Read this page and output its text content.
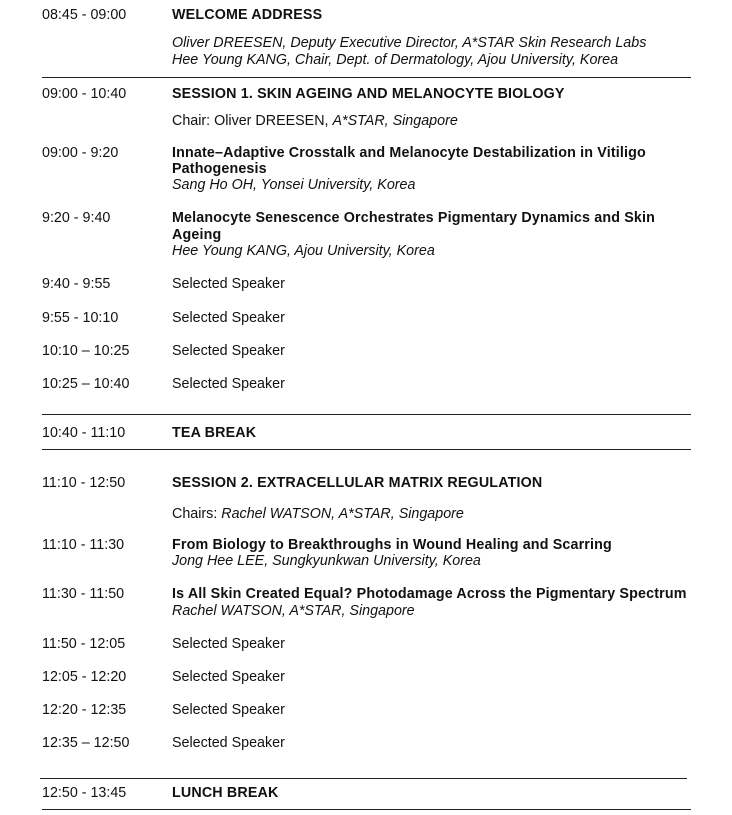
08:45 - 09:00	WELCOME ADDRESS
Oliver DREESEN, Deputy Executive Director, A*STAR Skin Research Labs
Hee Young KANG, Chair, Dept. of Dermatology, Ajou University, Korea
09:00 - 10:40	SESSION 1. SKIN AGEING AND MELANOCYTE BIOLOGY
Chair: Oliver DREESEN, A*STAR, Singapore
09:00 - 9:20	Innate–Adaptive Crosstalk and Melanocyte Destabilization in Vitiligo
Pathogenesis
Sang Ho OH, Yonsei University, Korea
9:20 - 9:40	Melanocyte Senescence Orchestrates Pigmentary Dynamics and Skin
Ageing
Hee Young KANG, Ajou University, Korea
9:40 - 9:55	Selected Speaker
9:55 - 10:10	Selected Speaker
10:10 – 10:25	Selected Speaker
10:25 – 10:40	Selected Speaker
10:40 - 11:10	TEA BREAK
11:10 - 12:50	SESSION 2. EXTRACELLULAR MATRIX REGULATION
Chairs: Rachel WATSON, A*STAR, Singapore
11:10 - 11:30	From Biology to Breakthroughs in Wound Healing and Scarring
Jong Hee LEE, Sungkyunkwan University, Korea
11:30 - 11:50	Is All Skin Created Equal? Photodamage Across the Pigmentary Spectrum
Rachel WATSON, A*STAR, Singapore
11:50 - 12:05	Selected Speaker
12:05 - 12:20	Selected Speaker
12:20 - 12:35	Selected Speaker
12:35 – 12:50	Selected Speaker
12:50 - 13:45	LUNCH BREAK
